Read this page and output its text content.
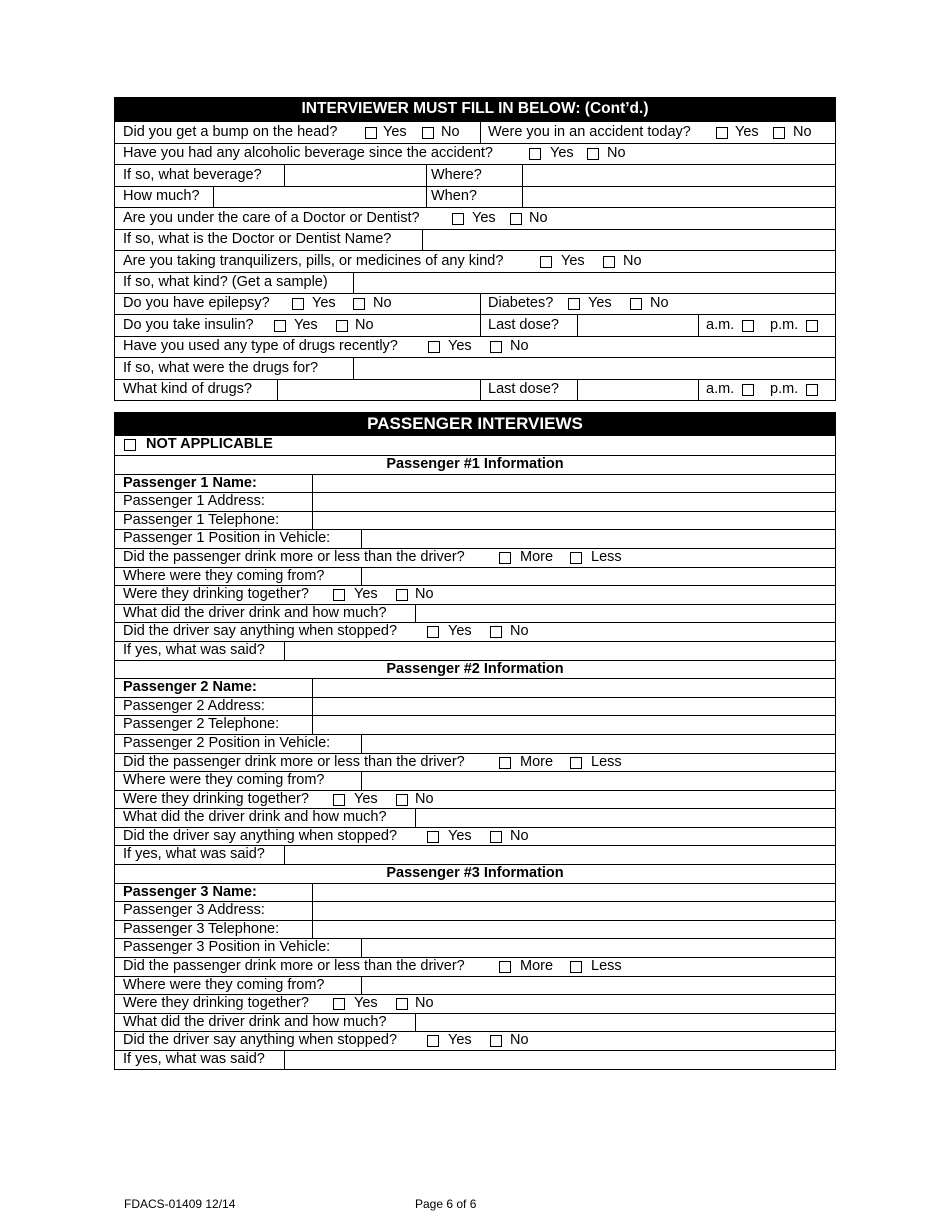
INTERVIEWER MUST FILL IN BELOW: (Cont’d.)
Did you get a bump on the head?	Yes No Were you in an accident today?	Yes No
Have you had any alcoholic beverage since the accident?	Yes No
If so, what beverage?	Where?
How much?	When?
Are you under the care of a Doctor or Dentist?	Yes No
If so, what is the Doctor or Dentist Name?
Are you taking tranquilizers, pills, or medicines of any kind?	Yes	No
If so, what kind? (Get a sample)
Do you have epilepsy?	Yes	No	Diabetes? Yes	No
Do you take insulin?	Yes	No	Last dose?	a.m. p.m.
Have you used any type of drugs recently?	Yes	No
If so, what were the drugs for?
What kind of drugs?	Last dose?	a.m. p.m.
PASSENGER INTERVIEWS
NOT APPLICABLE
Passenger #1 Information
Passenger 1 Name:
Passenger 1 Address:
Passenger 1 Telephone:
Passenger 1 Position in Vehicle:
Did the passenger drink more or less than the driver?	More	Less
Where were they coming from?
Were they drinking together?	Yes	No
What did the driver drink and how much?
Did the driver say anything when stopped?	Yes	No
If yes, what was said?
Passenger #2 Information
Passenger 2 Name:
Passenger 2 Address:
Passenger 2 Telephone:
Passenger 2 Position in Vehicle:
Did the passenger drink more or less than the driver?	More	Less
Where were they coming from?
Were they drinking together?	Yes	No
What did the driver drink and how much?
Did the driver say anything when stopped?	Yes	No
If yes, what was said?
Passenger #3 Information
Passenger 3 Name:
Passenger 3 Address:
Passenger 3 Telephone:
Passenger 3 Position in Vehicle:
Did the passenger drink more or less than the driver?	More	Less
Where were they coming from?
Were they drinking together?	Yes	No
What did the driver drink and how much?
Did the driver say anything when stopped?	Yes	No
If yes, what was said?
FDACS-01409 12/14	Page 6 of 6
